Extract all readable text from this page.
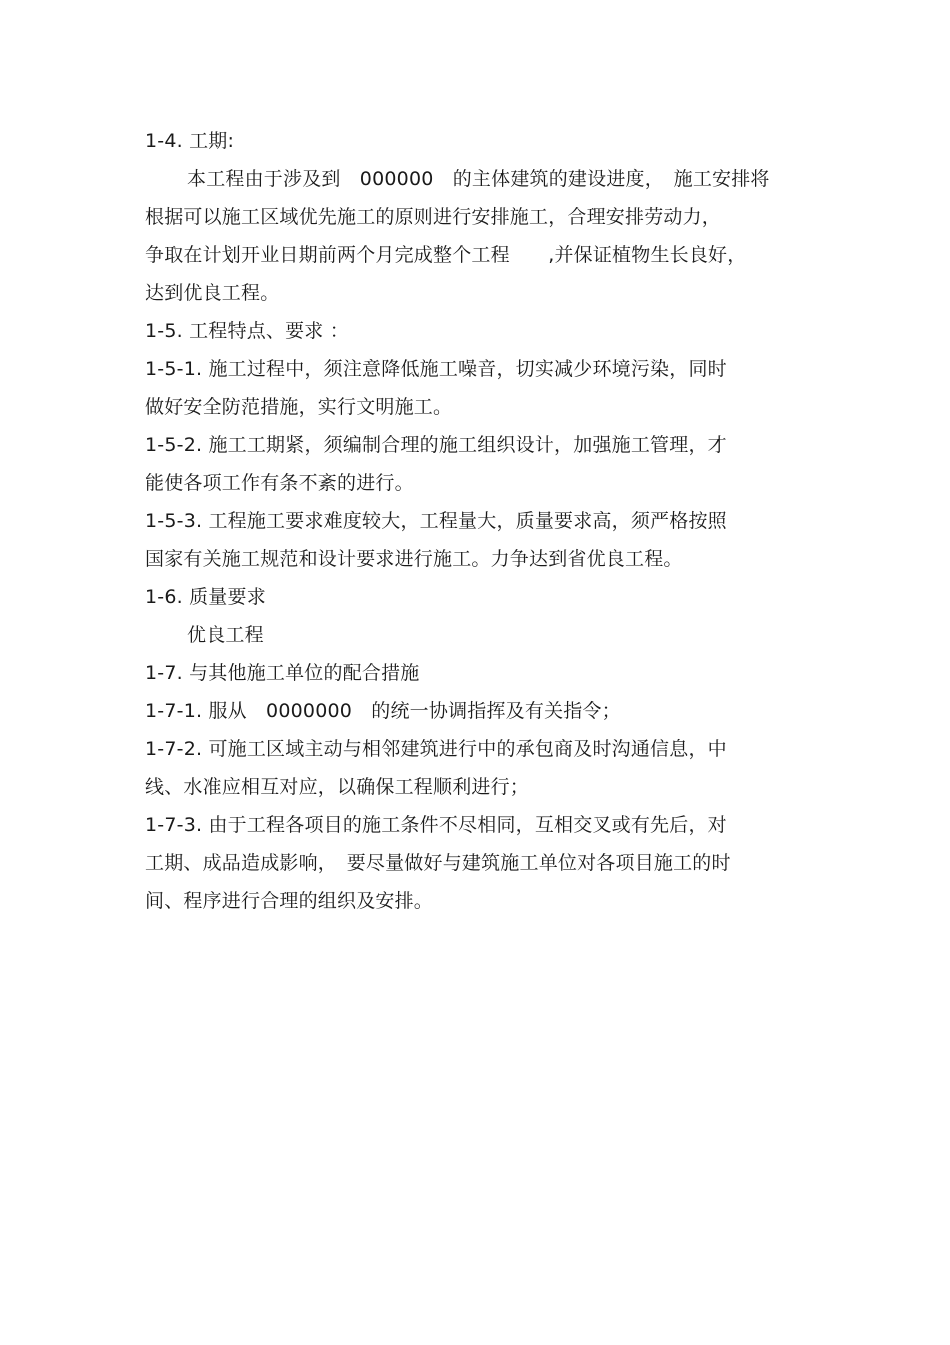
1-4. 工期:
本工程由于涉及到　000000　的主体建筑的建设进度，　施工安排将
根据可以施工区域优先施工的原则进行安排施工，合理安排劳动力，
争取在计划开业日期前两个月完成整个工程　　,并保证植物生长良好，
达到优良工程。
1-5. 工程特点、要求 ：
1-5-1. 施工过程中，须注意降低施工噪音，切实减少环境污染，同时
做好安全防范措施，实行文明施工。
1-5-2. 施工工期紧，须编制合理的施工组织设计，加强施工管理，才
能使各项工作有条不紊的进行。
1-5-3. 工程施工要求难度较大，工程量大，质量要求高，须严格按照
国家有关施工规范和设计要求进行施工。力争达到省优良工程。
1-6. 质量要求
优良工程
1-7. 与其他施工单位的配合措施
1-7-1. 服从　0000000　的统一协调指挥及有关指令；
1-7-2. 可施工区域主动与相邻建筑进行中的承包商及时沟通信息，中
线、水准应相互对应，以确保工程顺利进行；
1-7-3. 由于工程各项目的施工条件不尽相同，互相交叉或有先后，对
工期、成品造成影响，　要尽量做好与建筑施工单位对各项目施工的时
间、程序进行合理的组织及安排。
